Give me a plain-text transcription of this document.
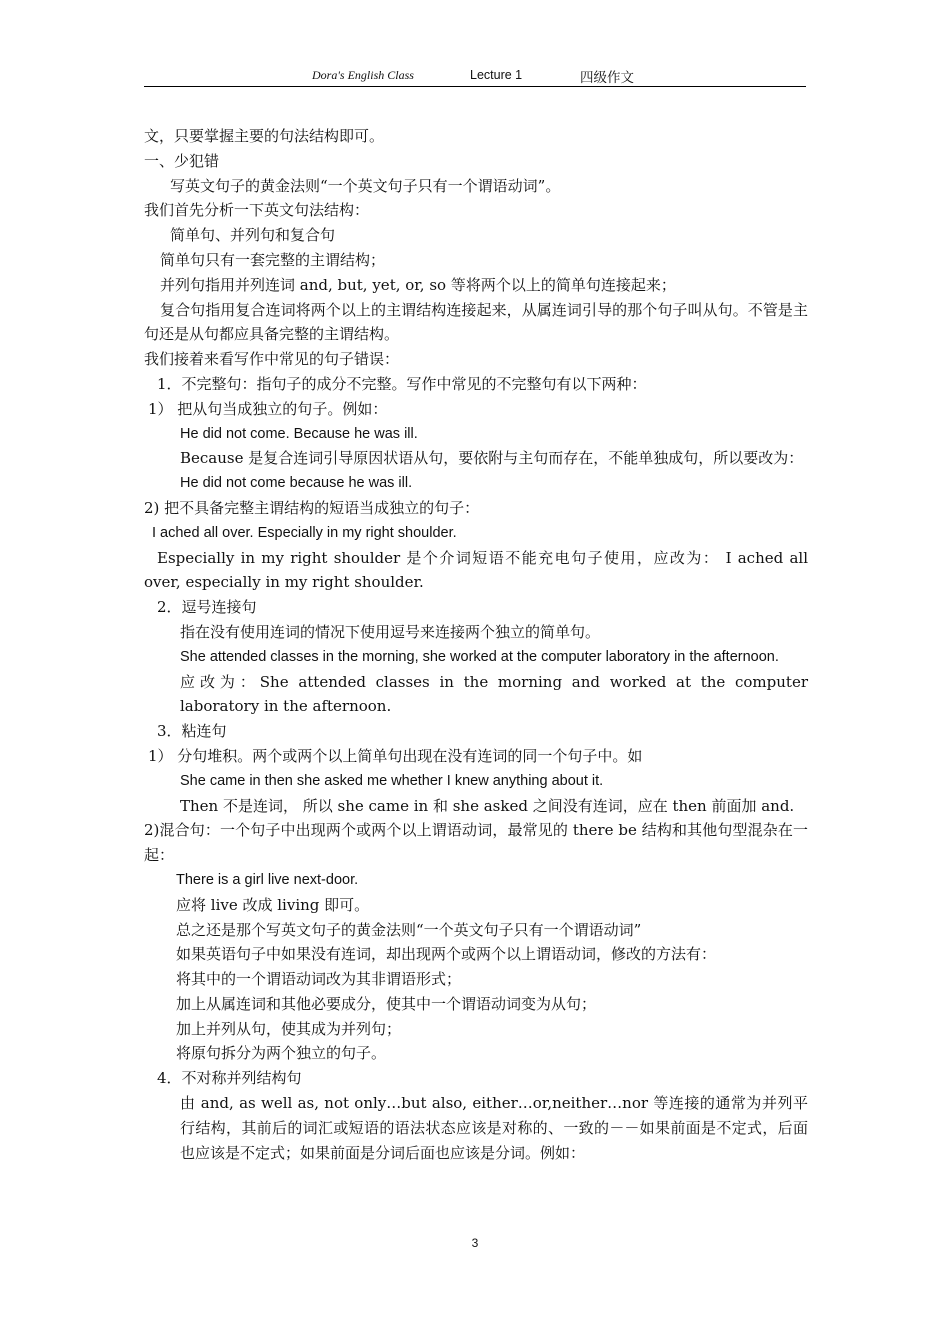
Dora's English Class	Lecture 1	四级作文
文，只要掌握主要的句法结构即可。
一、少犯错
写英文句子的黄金法则“一个英文句子只有一个谓语动词”。
我们首先分析一下英文句法结构：
简单句、并列句和复合句
简单句只有一套完整的主谓结构；
并列句指用并列连词 and, but, yet, or, so 等将两个以上的简单句连接起来；
复合句指用复合连词将两个以上的主谓结构连接起来，从属连词引导的那个句子叫从句。不管是主句还是从句都应具备完整的主谓结构。
我们接着来看写作中常见的句子错误：
1．不完整句：指句子的成分不完整。写作中常见的不完整句有以下两种：
1） 把从句当成独立的句子。例如：
He did not come. Because he was ill.
Because 是复合连词引导原因状语从句，要依附与主句而存在，不能单独成句，所以要改为：
He did not come because he was ill.
2) 把不具备完整主谓结构的短语当成独立的句子：
I ached all over. Especially in my right shoulder.
Especially in my right shoulder 是个介词短语不能充电句子使用，应改为： I ached all over, especially in my right shoulder.
2．逗号连接句
指在没有使用连词的情况下使用逗号来连接两个独立的简单句。
She attended classes in the morning, she worked at the computer laboratory in the afternoon.
应改为：She attended classes in the morning and worked at the computer laboratory in the afternoon.
3．粘连句
1） 分句堆积。两个或两个以上简单句出现在没有连词的同一个句子中。如
She came in then she asked me whether I knew anything about it.
Then 不是连词， 所以 she came in 和 she asked 之间没有连词，应在 then 前面加 and.
2)混合句：一个句子中出现两个或两个以上谓语动词，最常见的 there be 结构和其他句型混杂在一起：
There is a girl live next-door.
应将 live 改成 living 即可。
总之还是那个写英文句子的黄金法则“一个英文句子只有一个谓语动词”
如果英语句子中如果没有连词，却出现两个或两个以上谓语动词，修改的方法有：
将其中的一个谓语动词改为其非谓语形式；
加上从属连词和其他必要成分，使其中一个谓语动词变为从句；
加上并列从句，使其成为并列句；
将原句拆分为两个独立的句子。
4．不对称并列结构句
由 and, as well as, not only…but also, either…or,neither…nor 等连接的通常为并列平行结构，其前后的词汇或短语的语法状态应该是对称的、一致的－－如果前面是不定式，后面也应该是不定式；如果前面是分词后面也应该是分词。例如：
3
